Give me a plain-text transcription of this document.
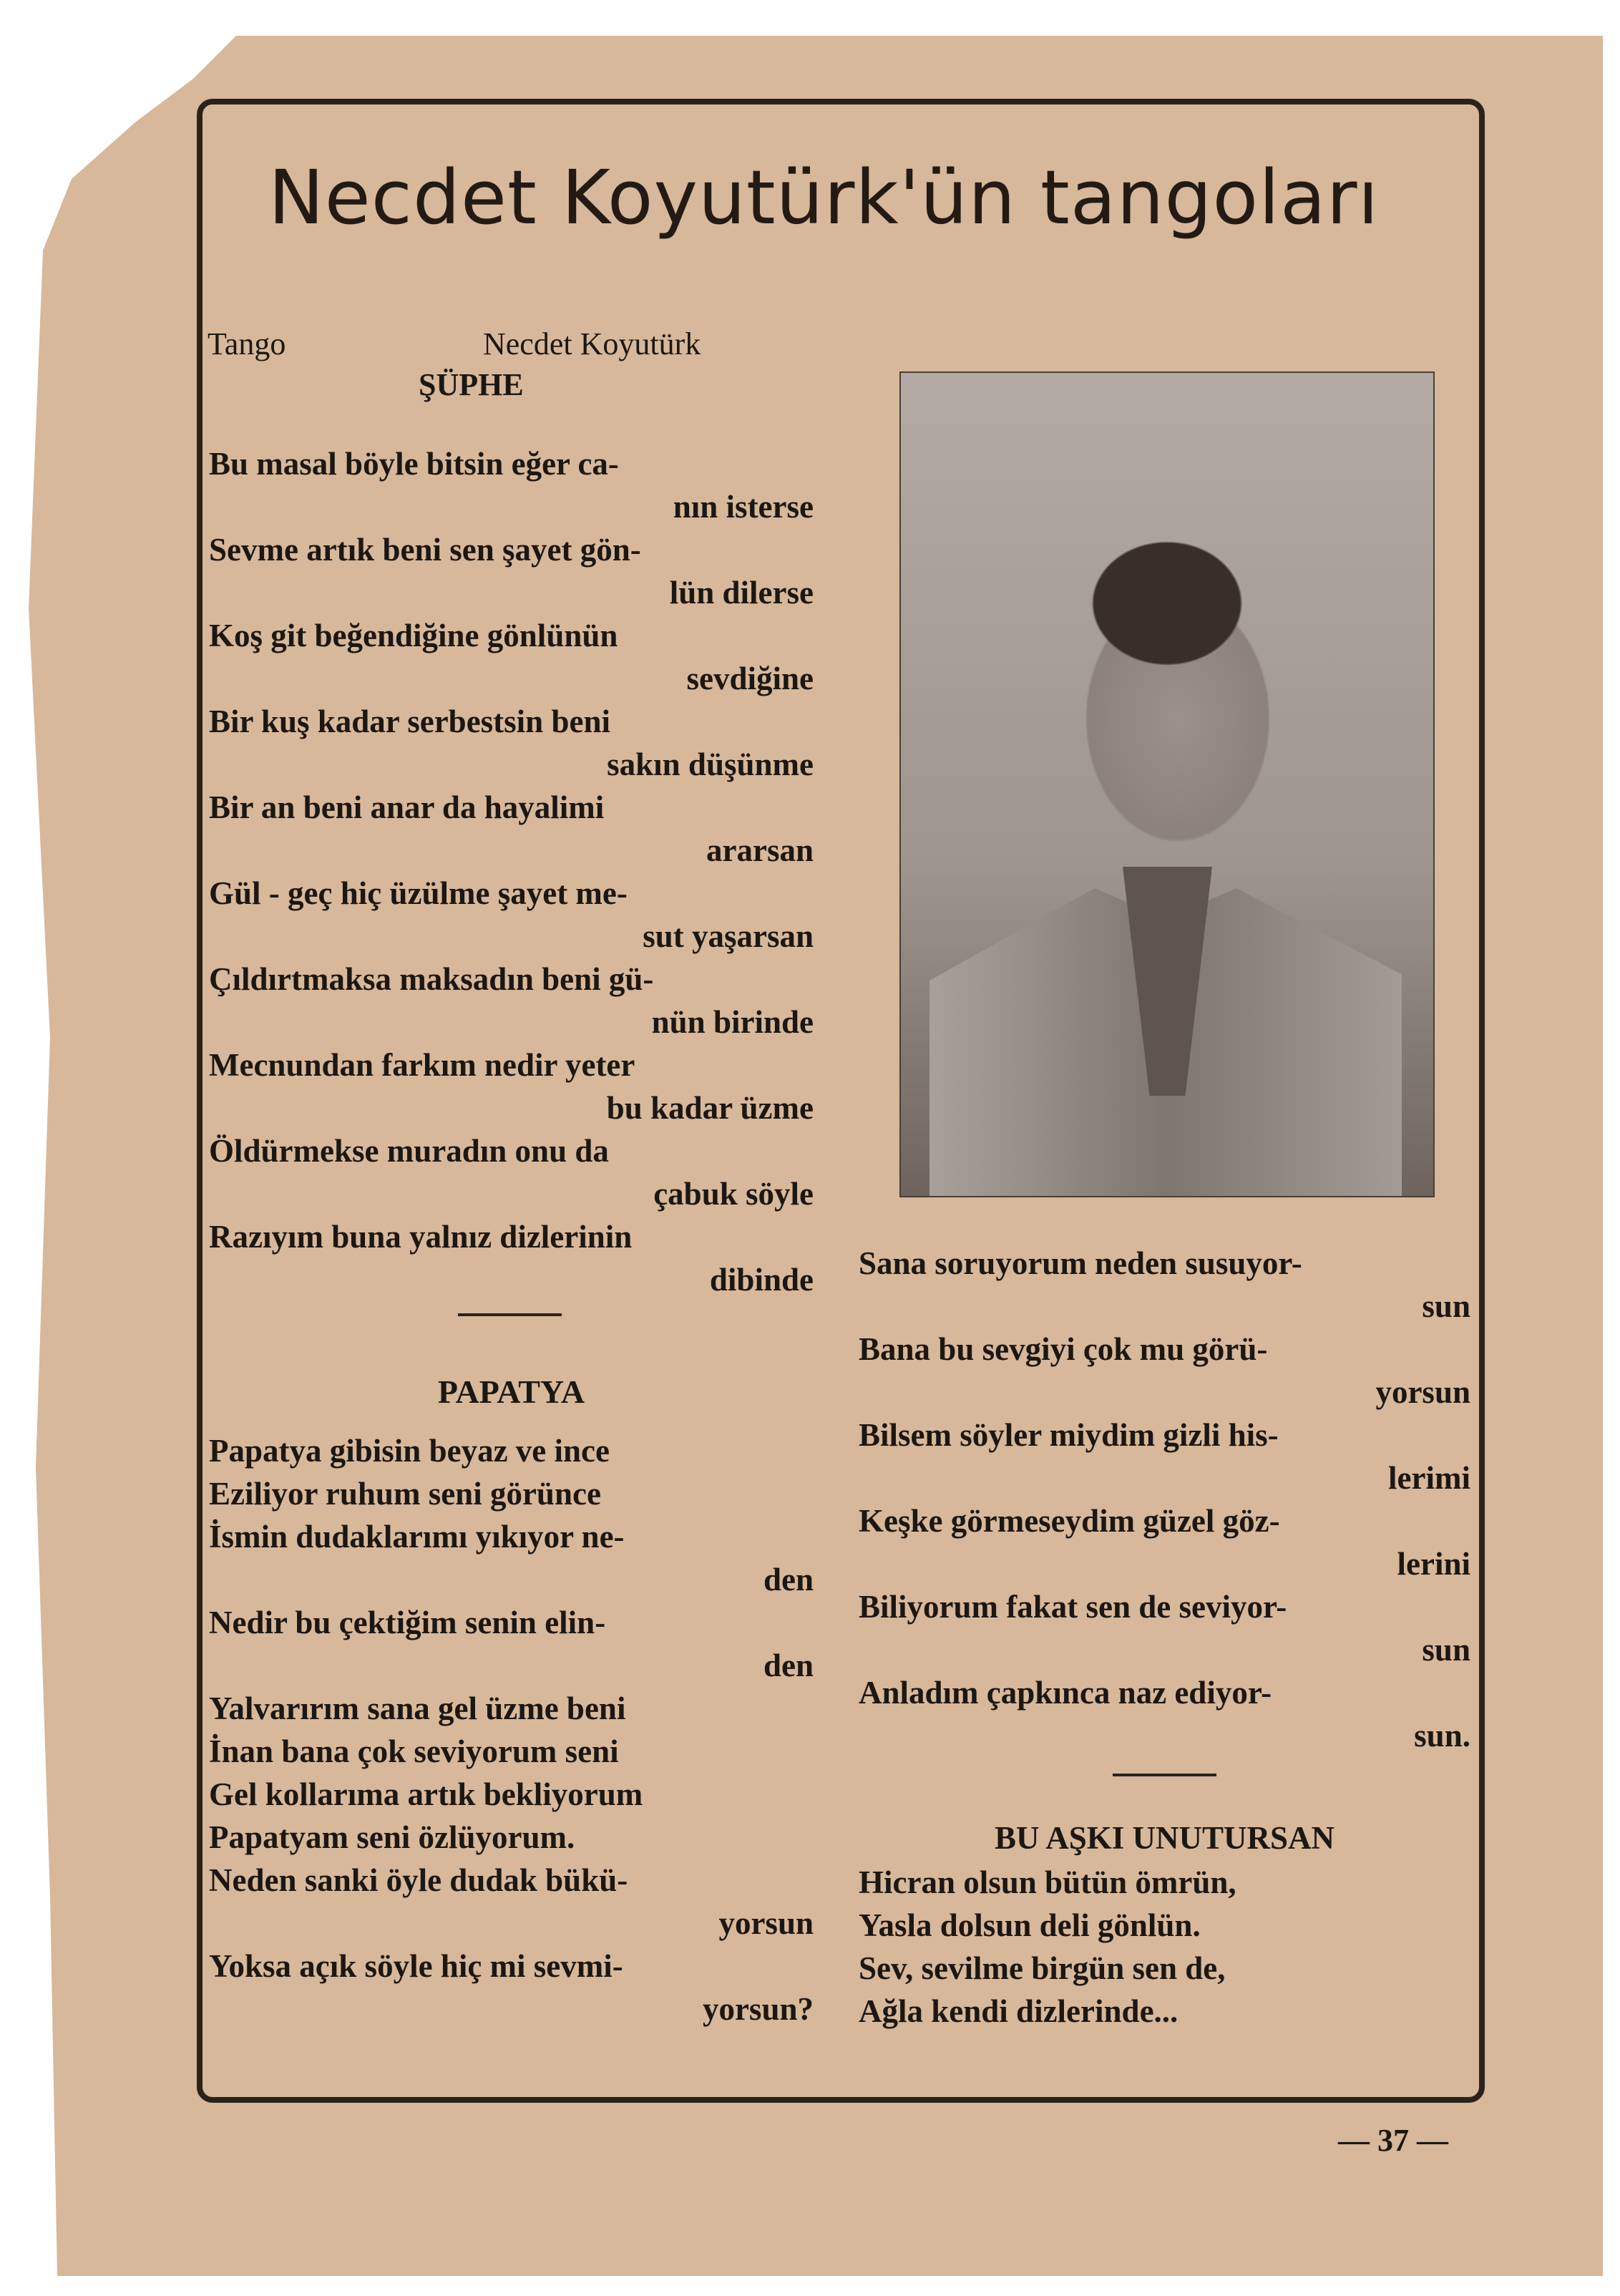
Necdet Koyutürk'ün tangoları
Tango	Necdet Koyutürk
ŞÜPHE
Bu masal böyle bitsin eğer ca-
nın isterse
Sevme artık beni sen şayet gön-
lün dilerse
Koş git beğendiğine gönlünün
sevdiğine
Bir kuş kadar serbestsin beni
sakın düşünme
Bir an beni anar da hayalimi
ararsan
Gül - geç hiç üzülme şayet me-
sut yaşarsan
Çıldırtmaksa maksadın beni gü-
nün birinde
Mecnundan farkım nedir yeter
bu kadar üzme
Öldürmekse muradın onu da
çabuk söyle
Razıyım buna yalnız dizlerinin
dibinde
PAPATYA
Papatya gibisin beyaz ve ince
Eziliyor ruhum seni görünce
İsmin dudaklarımı yıkıyor ne-
den
Nedir bu çektiğim senin elin-
den
Yalvarırım sana gel üzme beni
İnan bana çok seviyorum seni
Gel kollarıma artık bekliyorum
Papatyam seni özlüyorum.
Neden sanki öyle dudak bükü-
yorsun
Yoksa açık söyle hiç mi sevmi-
yorsun?
Sana soruyorum neden susuyor-
sun
Bana bu sevgiyi çok mu görü-
yorsun
Bilsem söyler miydim gizli his-
lerimi
Keşke görmeseydim güzel göz-
lerini
Biliyorum fakat sen de seviyor-
sun
Anladım çapkınca naz ediyor-
sun.
BU AŞKI UNUTURSAN
Hicran olsun bütün ömrün,
Yasla dolsun deli gönlün.
Sev, sevilme birgün sen de,
Ağla kendi dizlerinde...
— 37 —
